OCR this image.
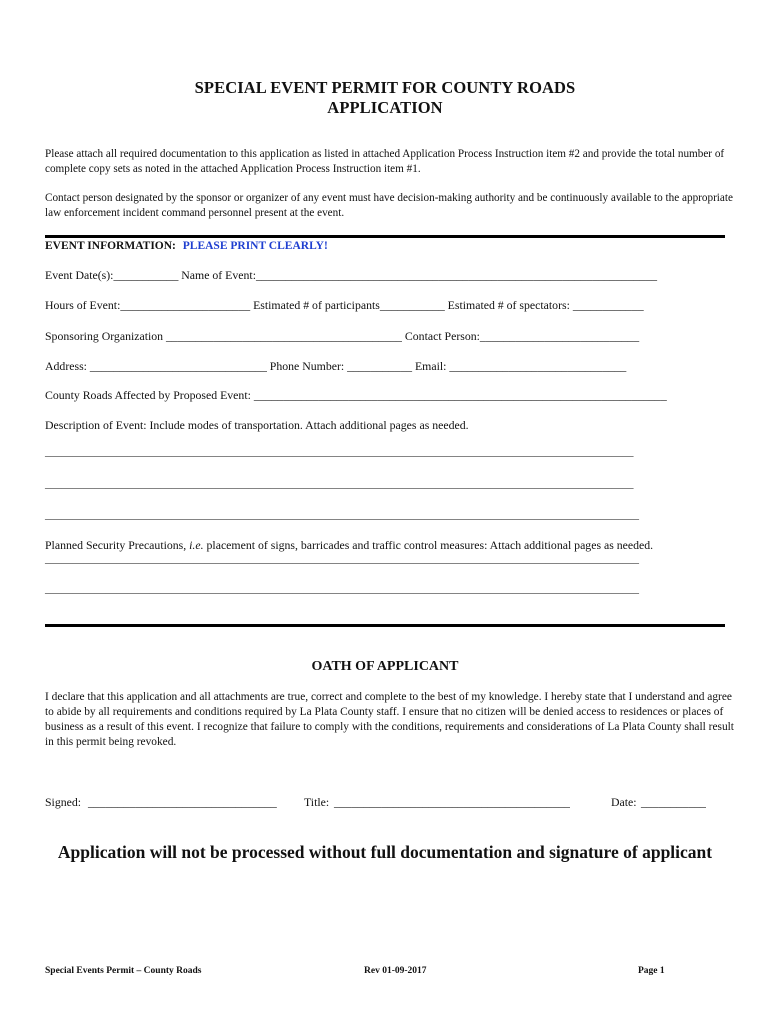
SPECIAL EVENT PERMIT FOR COUNTY ROADS
APPLICATION
Please attach all required documentation to this application as listed in attached Application Process Instruction item #2 and provide the total number of complete copy sets as noted in the attached Application Process Instruction item #1.
Contact person designated by the sponsor or organizer of any event must have decision-making authority and be continuously available to the appropriate law enforcement incident command personnel present at the event.
EVENT INFORMATION: PLEASE PRINT CLEARLY!
Event Date(s):___________ Name of Event:____________________________________________________________________
Hours of Event:______________________ Estimated # of participants___________ Estimated # of spectators: ____________
Sponsoring Organization ________________________________________ Contact Person:___________________________
Address: ______________________________ Phone Number: ___________ Email: ______________________________
County Roads Affected by Proposed Event: ______________________________________________________________________
Description of Event: Include modes of transportation. Attach additional pages as needed.
___________________________________________________________________________________________________________
___________________________________________________________________________________________________________
____________________________________________________________________________________________________________
Planned Security Precautions, i.e. placement of signs, barricades and traffic control measures: Attach additional pages as needed.
____________________________________________________________________________________________________________
____________________________________________________________________________________________________________
OATH OF APPLICANT
I declare that this application and all attachments are true, correct and complete to the best of my knowledge. I hereby state that I understand and agree to abide by all requirements and conditions required by La Plata County staff. I ensure that no citizen will be denied access to residences or places of business as a result of this event. I recognize that failure to comply with the conditions, requirements and considerations of La Plata County shall result in this permit being revoked.
Signed: ________________________________ Title: ________________________________________	Date: ___________
Application will not be processed without full documentation and signature of applicant
Special Events Permit – County Roads	Rev 01-09-2017	Page 1
